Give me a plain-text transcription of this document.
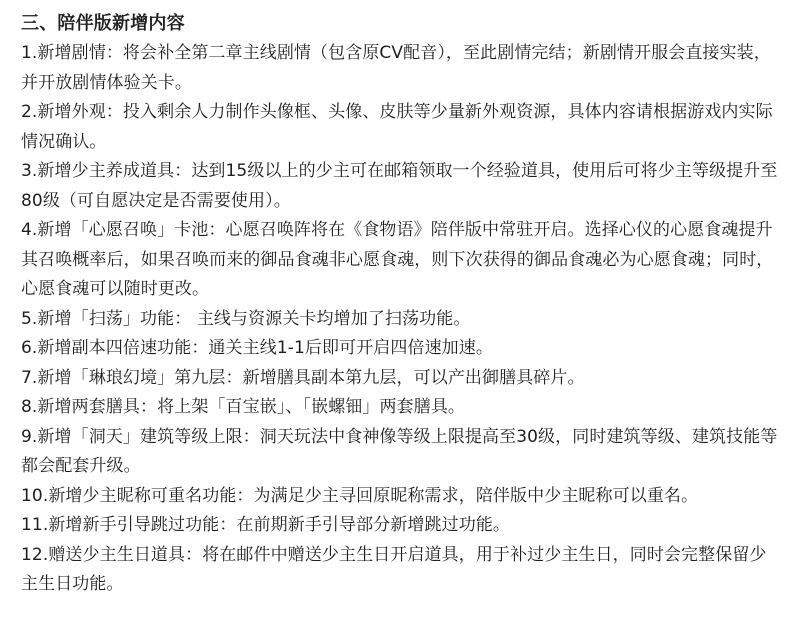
三、陪伴版新增内容

1.新增剧情：将会补全第二章主线剧情（包含原CV配音），至此剧情完结；新剧情开服会直接实装，并开放剧情体验关卡。

2.新增外观：投入剩余人力制作头像框、头像、皮肤等少量新外观资源，具体内容请根据游戏内实际情况确认。

3.新增少主养成道具：达到15级以上的少主可在邮箱领取一个经验道具，使用后可将少主等级提升至80级（可自愿决定是否需要使用）。

4.新增「心愿召唤」卡池：心愿召唤阵将在《食物语》陪伴版中常驻开启。选择心仪的心愿食魂提升其召唤概率后，如果召唤而来的御品食魂非心愿食魂，则下次获得的御品食魂必为心愿食魂；同时，心愿食魂可以随时更改。

5.新增「扫荡」功能： 主线与资源关卡均增加了扫荡功能。

6.新增副本四倍速功能：通关主线1-1后即可开启四倍速加速。

7.新增「琳琅幻境」第九层：新增膳具副本第九层，可以产出御膳具碎片。

8.新增两套膳具：将上架「百宝嵌」、「嵌螺钿」两套膳具。

9.新增「洞天」建筑等级上限：洞天玩法中食神像等级上限提高至30级，同时建筑等级、建筑技能等都会配套升级。

10.新增少主昵称可重名功能：为满足少主寻回原昵称需求，陪伴版中少主昵称可以重名。

11.新增新手引导跳过功能：在前期新手引导部分新增跳过功能。

12.赠送少主生日道具：将在邮件中赠送少主生日开启道具，用于补过少主生日，同时会完整保留少主生日功能。
